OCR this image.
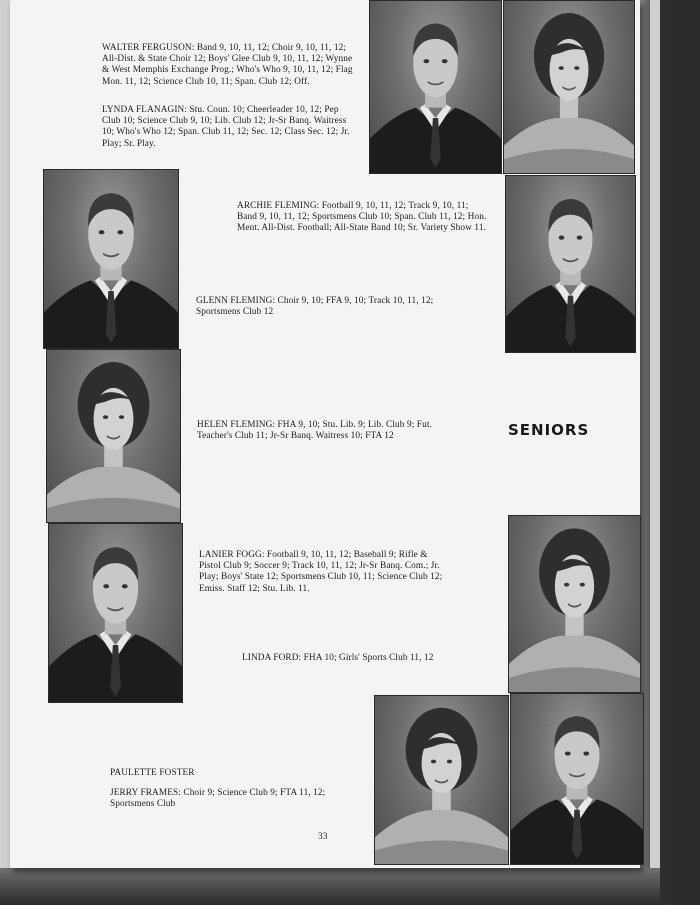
WALTER FERGUSON: Band 9, 10, 11, 12; Choir 9, 10, 11, 12; All-Dist. & State Choir 12; Boys' Glee Club 9, 10, 11, 12; Wynne & West Memphis Exchange Prog.; Who's Who 9, 10, 11, 12; Flag Mon. 11, 12; Science Club 10, 11; Span. Club 12; Off.
LYNDA FLANAGIN: Stu. Coun. 10; Cheerleader 10, 12; Pep Club 10; Science Club 9, 10; Lib. Club 12; Jr-Sr Banq. Waitress 10; Who's Who 12; Span. Club 11, 12; Sec. 12; Class Sec. 12; Jr. Play; Sr. Play.
ARCHIE FLEMING: Football 9, 10, 11, 12; Track 9, 10, 11; Band 9, 10, 11, 12; Sportsmens Club 10; Span. Club 11, 12; Hon. Ment. All-Dist. Football; All-State Band 10; Sr. Variety Show 11.
GLENN FLEMING: Choir 9, 10; FFA 9, 10; Track 10, 11, 12; Sportsmens Club 12
HELEN FLEMING: FHA 9, 10; Stu. Lib. 9; Lib. Club 9; Fut. Teacher's Club 11; Jr-Sr Banq. Waitress 10; FTA 12
LANIER FOGG: Football 9, 10, 11, 12; Baseball 9; Rifle & Pistol Club 9; Soccer 9; Track 10, 11, 12; Jr-Sr Banq. Com.; Jr. Play; Boys' State 12; Sportsmens Club 10, 11; Science Club 12; Emiss. Staff 12; Stu. Lib. 11.
LINDA FORD: FHA 10; Girls' Sports Club 11, 12
PAULETTE FOSTER
JERRY FRAMES: Choir 9; Science Club 9; FTA 11, 12; Sportsmens Club
SENIORS
33
